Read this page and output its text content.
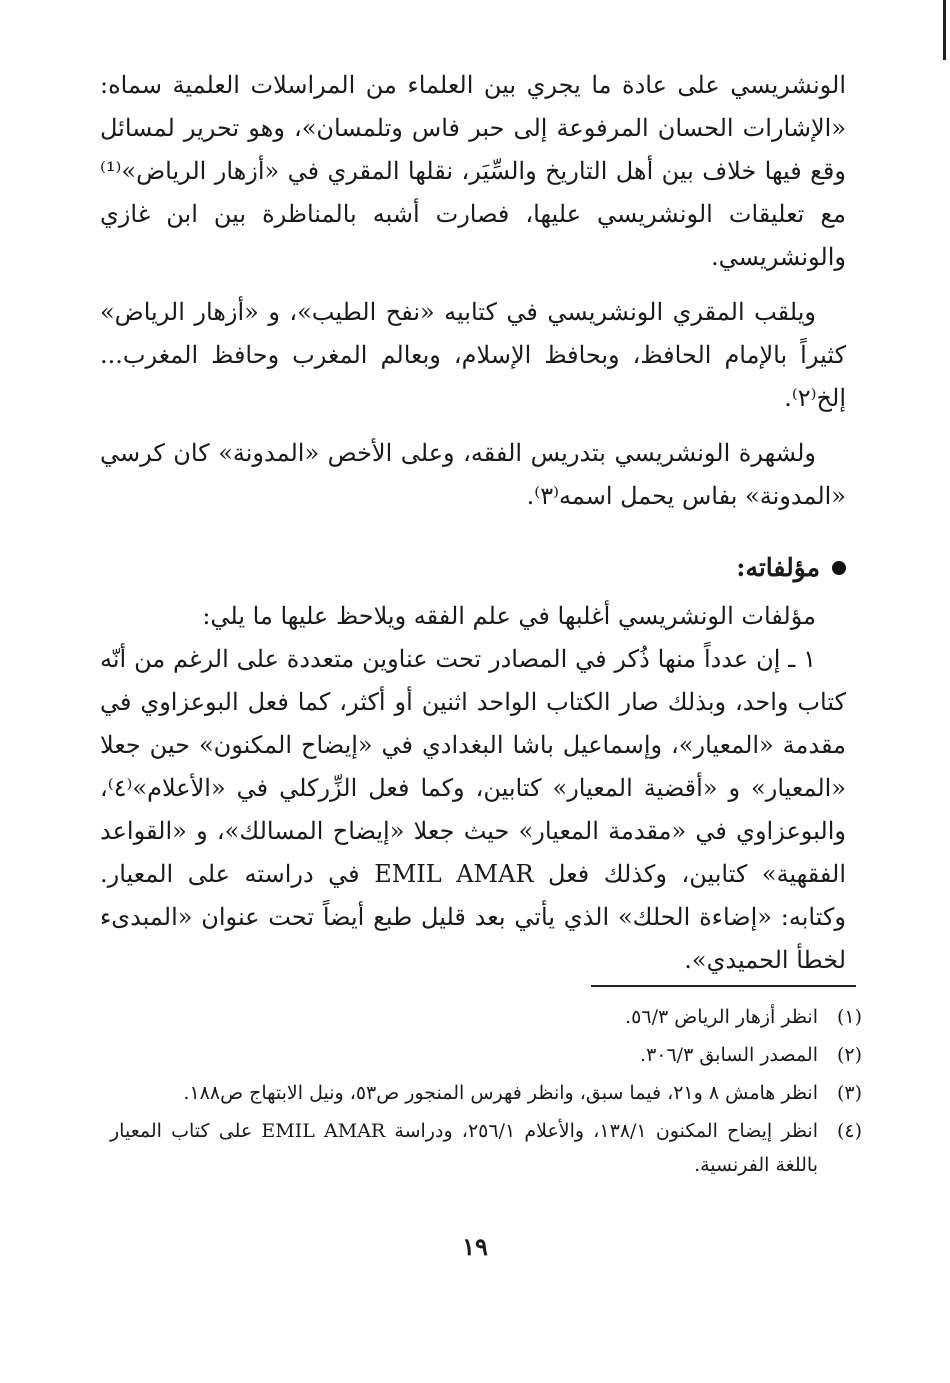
الونشريسي على عادة ما يجري بين العلماء من المراسلات العلمية سماه: «الإشارات الحسان المرفوعة إلى حبر فاس وتلمسان»، وهو تحرير لمسائل وقع فيها خلاف بين أهل التاريخ والسِّيَر، نقلها المقري في «أزهار الرياض»⁽¹⁾ مع تعليقات الونشريسي عليها، فصارت أشبه بالمناظرة بين ابن غازي والونشريسي.

ويلقب المقري الونشريسي في كتابيه «نفح الطيب»، و «أزهار الرياض» كثيراً بالإمام الحافظ، وبحافظ الإسلام، وبعالم المغرب وحافظ المغرب... إلخ⁽٢⁾.

ولشهرة الونشريسي بتدريس الفقه، وعلى الأخص «المدونة» كان كرسي «المدونة» بفاس يحمل اسمه⁽٣⁾.

مؤلفاته:

مؤلفات الونشريسي أغلبها في علم الفقه ويلاحظ عليها ما يلي:

١ ـ إن عدداً منها ذُكر في المصادر تحت عناوين متعددة على الرغم من أنّه كتاب واحد، وبذلك صار الكتاب الواحد اثنين أو أكثر، كما فعل البوعزاوي في مقدمة «المعيار»، وإسماعيل باشا البغدادي في «إيضاح المكنون» حين جعلا «المعيار» و «أقضية المعيار» كتابين، وكما فعل الزِّركلي في «الأعلام»⁽٤⁾، والبوعزاوي في «مقدمة المعيار» حيث جعلا «إيضاح المسالك»، و «القواعد الفقهية» كتابين، وكذلك فعل EMIL AMAR في دراسته على المعيار. وكتابه: «إضاءة الحلك» الذي يأتي بعد قليل طبع أيضاً تحت عنوان «المبدىء لخطأ الحميدي».

(١)
انظر أزهار الرياض ٥٦/٣.
(٢)
المصدر السابق ٣٠٦/٣.
(٣)
انظر هامش ٨ و٢١، فيما سبق، وانظر فهرس المنجور ص٥٣، ونيل الابتهاج ص١٨٨.
(٤)
انظر إيضاح المكنون ١٣٨/١، والأعلام ٢٥٦/١، ودراسة EMIL AMAR على كتاب المعيار باللغة الفرنسية.
١٩
